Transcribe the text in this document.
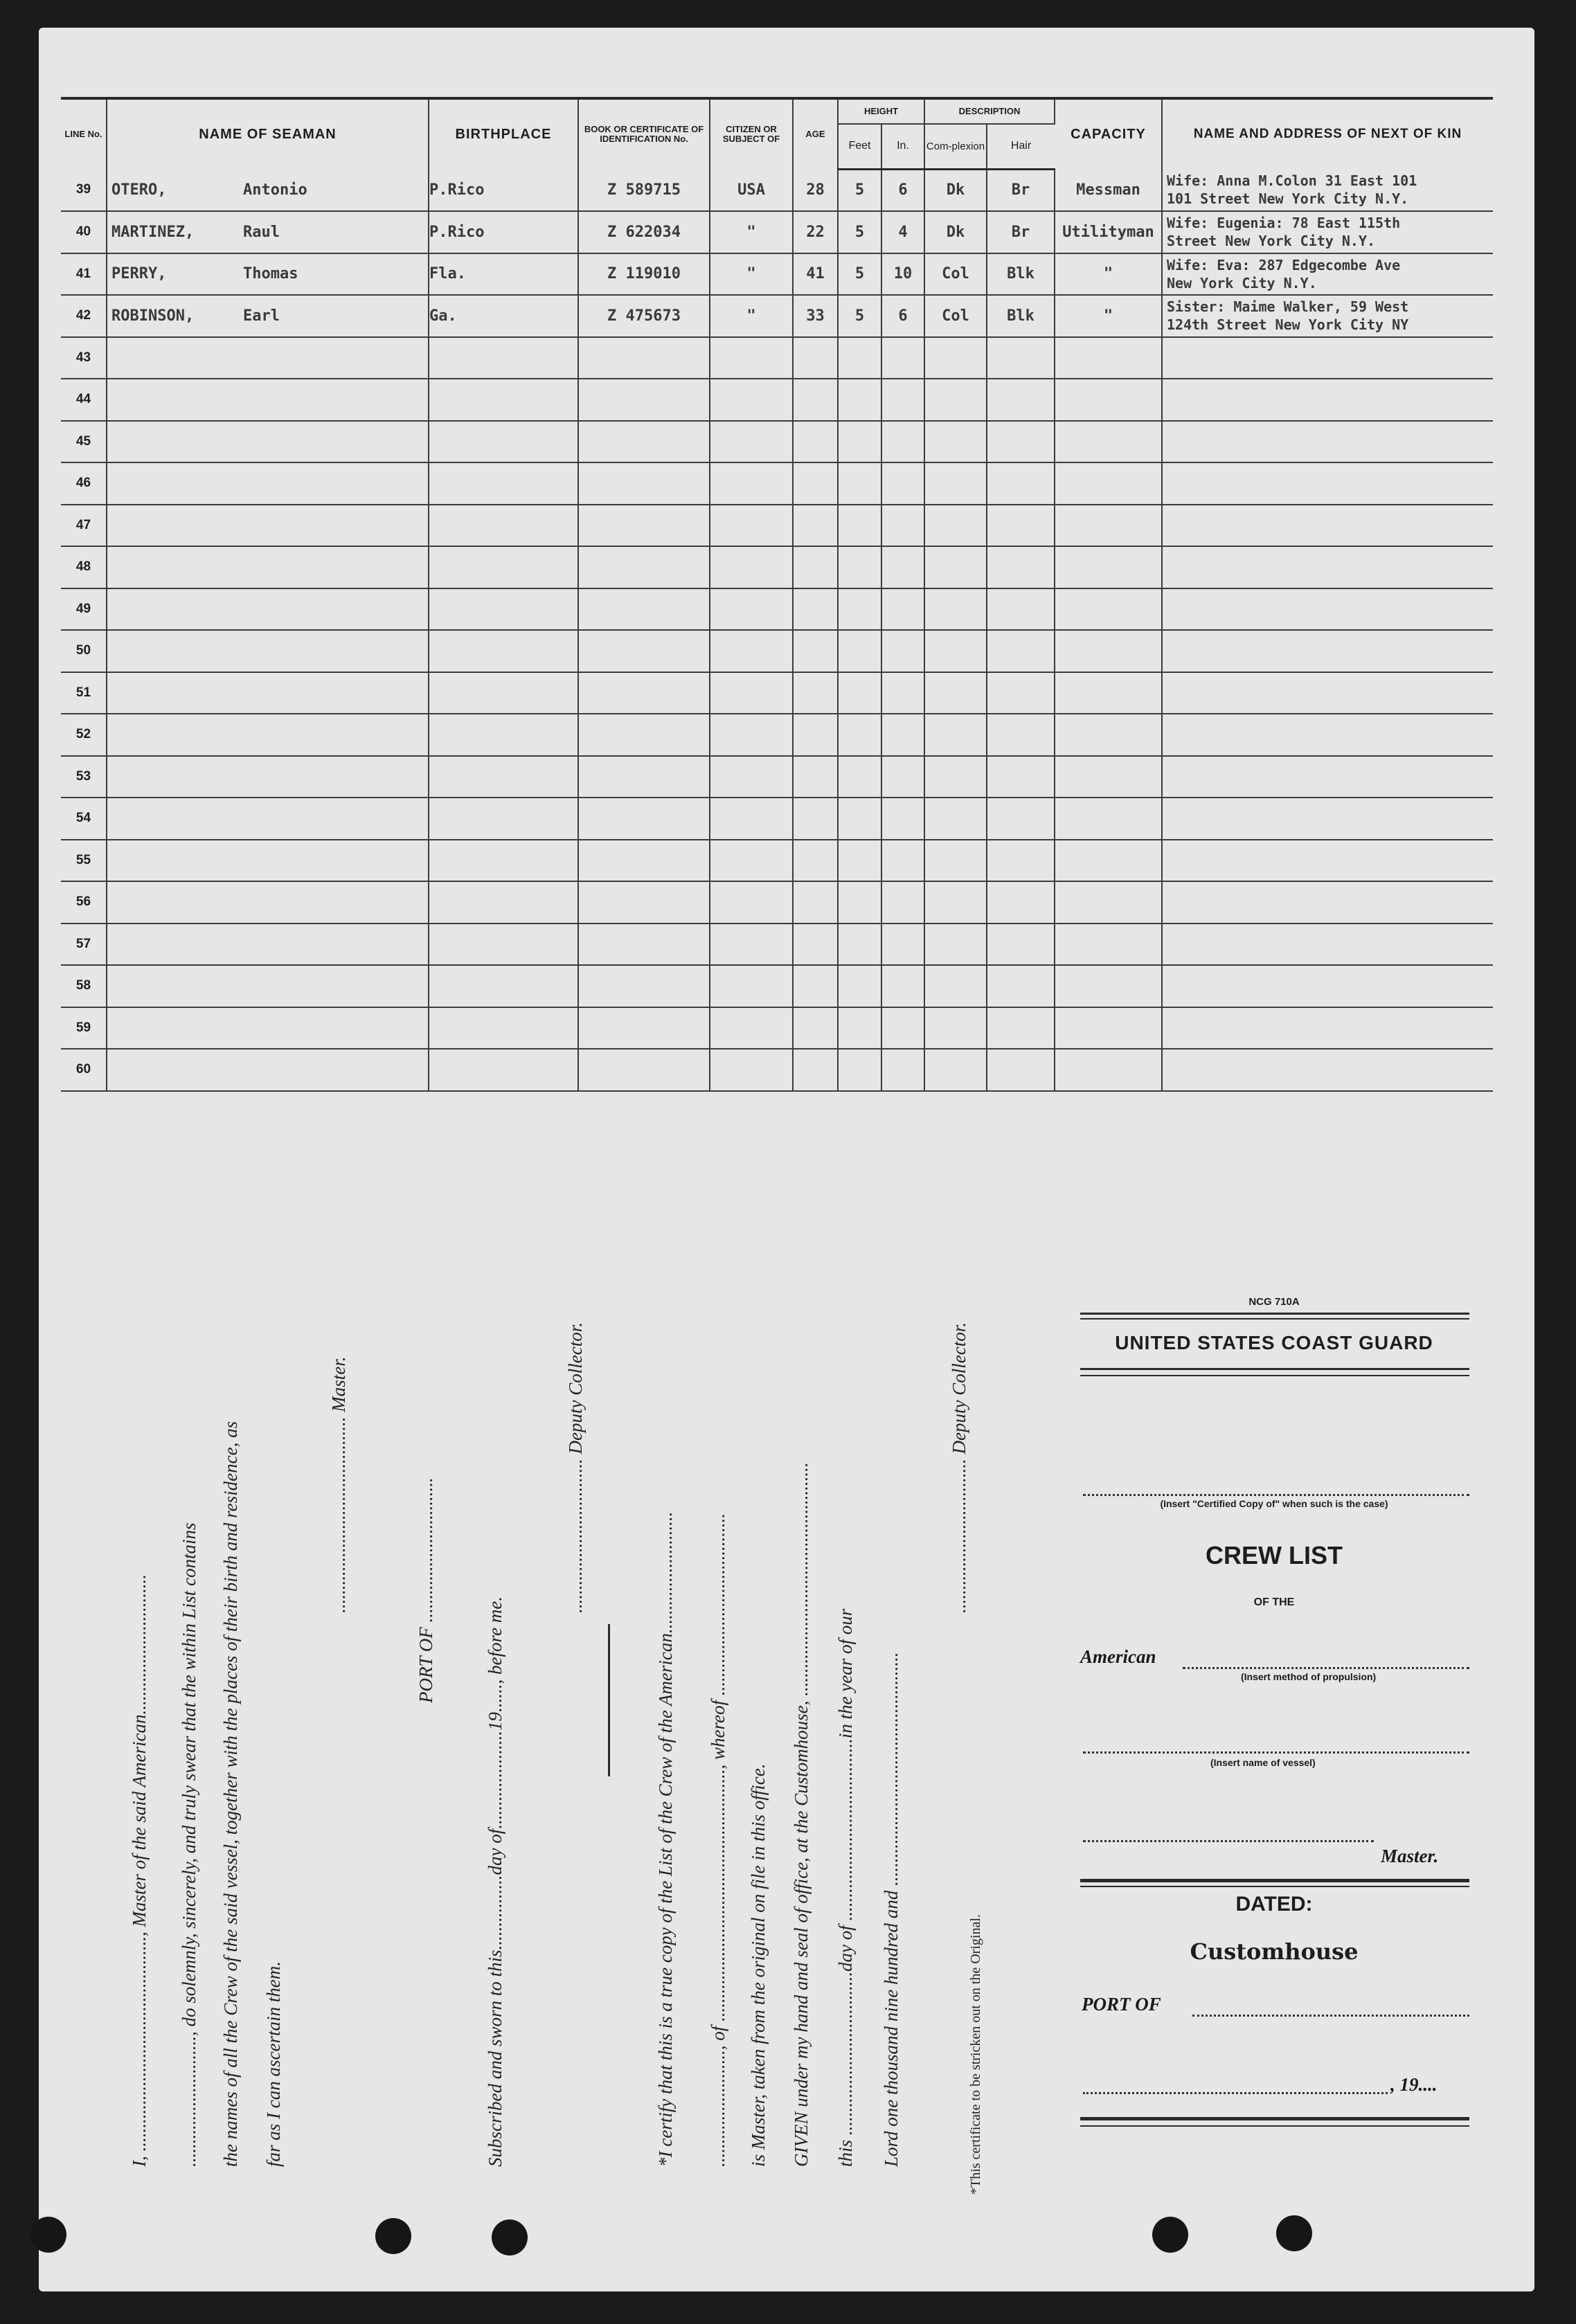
LINE No.	NAME OF SEAMAN	BIRTHPLACE	BOOK OR CERTIFICATE OF IDENTIFICATION No.	CITIZEN OR SUBJECT OF	AGE	HEIGHT		DESCRIPTION		CAPACITY	NAME AND ADDRESS OF NEXT OF KIN
						Feet	In.	Com-plexion	Hair		
39	OTERO, Antonio	P.Rico	Z 589715	USA	28	5	6	Dk	Br	Messman	Wife: Anna M.Colon 31 East 101
101 Street New York City N.Y.

40	MARTINEZ, Raul	P.Rico	Z 622034	"	22	5	4	Dk	Br	Utilityman	Wife: Eugenia: 78 East 115th
Street New York City N.Y.

41	PERRY, Thomas	Fla.	Z 119010	"	41	5	10	Col	Blk	"	Wife: Eva: 287 Edgecombe Ave
New York City N.Y.

42	ROBINSON, Earl	Ga.	Z 475673	"	33	5	6	Col	Blk	"	Sister: Maime Walker, 59 West
124th Street New York City NY

43											

44											

45											

46											

47											

48											

49											

50											

51											

52											

53											

54											

55											

56											

57											

58											

59											

60											
I, .............................................., Master of the said American.............................. ............................, do solemnly, sincerely, and truly swear that the within List contains the names of all the Crew of the said vessel, together with the places of their birth and residence, as far as I can ascertain them.
.......................................... Master.	PORT OF ...............................
Subscribed and sworn to this................day of.....................19......, before me.
................................. Deputy Collector.
*I certify that this is a true copy of the List of the Crew of the American.......................... ........................., of ......................................................, whereof ....................................... is Master, taken from the original on file in this office. GIVEN under my hand and seal of office, at the Customhouse, .................................................. this ...................................day of .......................................in the year of our Lord one thousand nine hundred and ..................................................
................................. Deputy Collector.
*This certificate to be stricken out on the Original.
NCG 710A
UNITED STATES COAST GUARD
(Insert "Certified Copy of" when such is the case)
CREW LIST
OF THE
American
(Insert method of propulsion)
(Insert name of vessel)
Master.
DATED:
Customhouse
PORT OF
, 19....
